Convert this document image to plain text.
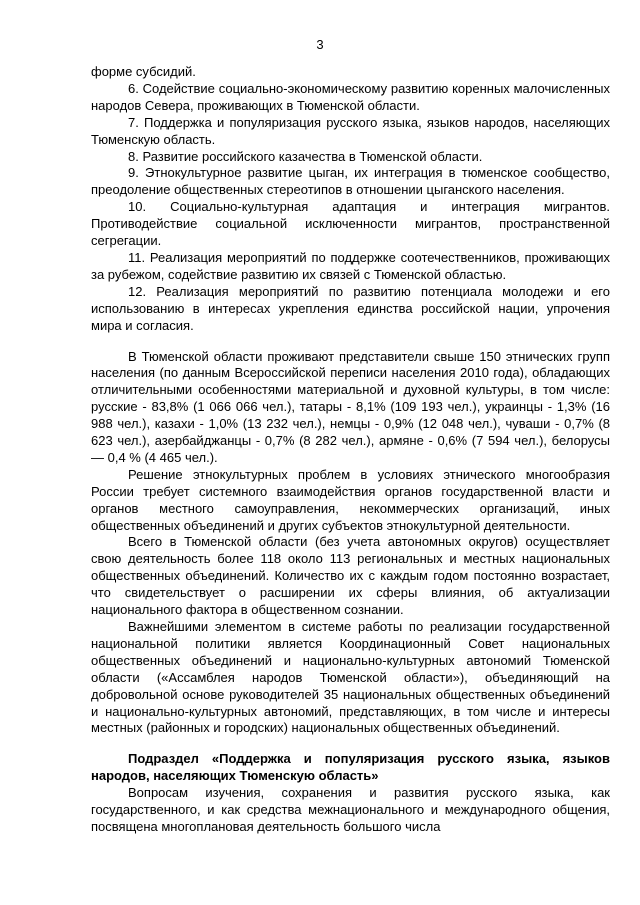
3

форме субсидий.

6. Содействие социально-экономическому развитию коренных малочисленных народов Севера, проживающих в Тюменской области.

7. Поддержка и популяризация русского языка, языков народов, населяющих Тюменскую область.

8. Развитие российского казачества в Тюменской области.

9. Этнокультурное развитие цыган, их интеграция в тюменское сообщество, преодоление общественных стереотипов в отношении цыганского населения.

10. Социально-культурная адаптация и интеграция мигрантов. Противодействие социальной исключенности мигрантов, пространственной сегрегации.

11. Реализация мероприятий по поддержке соотечественников, проживающих за рубежом, содействие развитию их связей с Тюменской областью.

12. Реализация мероприятий по развитию потенциала молодежи и его использованию в интересах укрепления единства российской нации, упрочения мира и согласия.

В Тюменской области проживают представители свыше 150 этнических групп населения (по данным Всероссийской переписи населения 2010 года), обладающих отличительными особенностями материальной и духовной культуры, в том числе: русские - 83,8% (1 066 066 чел.), татары - 8,1% (109 193 чел.), украинцы - 1,3% (16 988 чел.), казахи - 1,0% (13 232 чел.), немцы - 0,9% (12 048 чел.), чуваши - 0,7% (8 623 чел.), азербайджанцы - 0,7% (8 282 чел.), армяне - 0,6% (7 594 чел.), белорусы — 0,4 % (4 465 чел.).

Решение этнокультурных проблем в условиях этнического многообразия России требует системного взаимодействия органов государственной власти и органов местного самоуправления, некоммерческих организаций, иных общественных объединений и других субъектов этнокультурной деятельности.

Всего в Тюменской области (без учета автономных округов) осуществляет свою деятельность более 118 около 113 региональных и местных национальных общественных объединений. Количество их с каждым годом постоянно возрастает, что свидетельствует о расширении их сферы влияния, об актуализации национального фактора в общественном сознании.

Важнейшими элементом в системе работы по реализации государственной национальной политики является Координационный Совет национальных общественных объединений и национально-культурных автономий Тюменской области («Ассамблея народов Тюменской области»), объединяющий на добровольной основе руководителей 35 национальных общественных объединений и национально-культурных автономий, представляющих, в том числе и интересы местных (районных и городских) национальных общественных объединений.

Подраздел «Поддержка и популяризация русского языка, языков народов, населяющих Тюменскую область»

Вопросам изучения, сохранения и развития русского языка, как государственного, и как средства межнационального и международного общения, посвящена многоплановая деятельность большого числа
